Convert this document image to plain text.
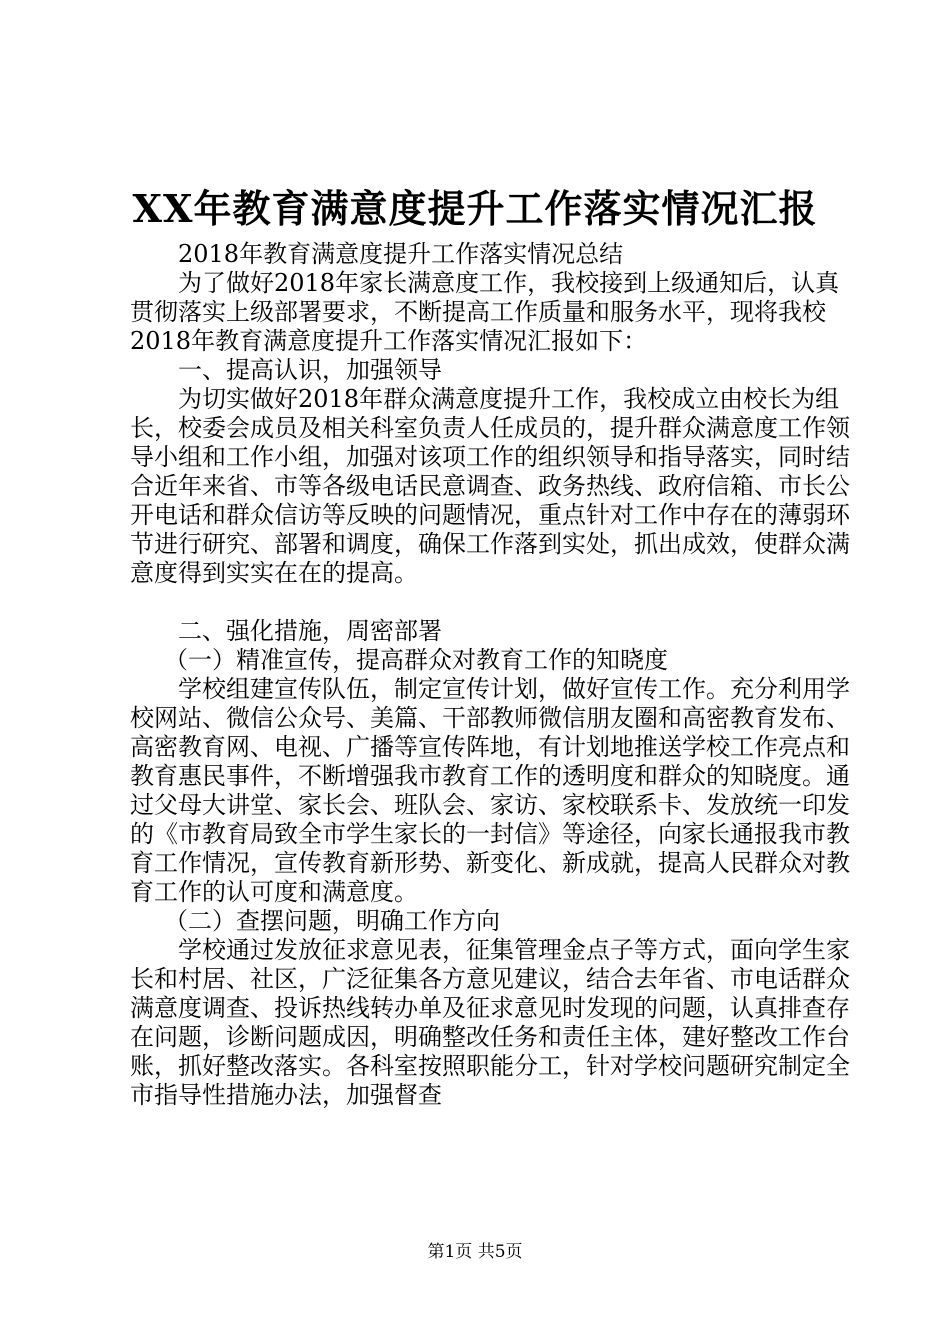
XX年教育满意度提升工作落实情况汇报

2018年教育满意度提升工作落实情况总结

为了做好2018年家长满意度工作，我校接到上级通知后，认真贯彻落实上级部署要求，不断提高工作质量和服务水平，现将我校2018年教育满意度提升工作落实情况汇报如下：

一、提高认识，加强领导

为切实做好2018年群众满意度提升工作，我校成立由校长为组长，校委会成员及相关科室负责人任成员的，提升群众满意度工作领导小组和工作小组，加强对该项工作的组织领导和指导落实，同时结合近年来省、市等各级电话民意调查、政务热线、政府信箱、市长公开电话和群众信访等反映的问题情况，重点针对工作中存在的薄弱环节进行研究、部署和调度，确保工作落到实处，抓出成效，使群众满意度得到实实在在的提高。

二、强化措施，周密部署

（一）精准宣传，提高群众对教育工作的知晓度

学校组建宣传队伍，制定宣传计划，做好宣传工作。充分利用学校网站、微信公众号、美篇、干部教师微信朋友圈和高密教育发布、高密教育网、电视、广播等宣传阵地，有计划地推送学校工作亮点和教育惠民事件，不断增强我市教育工作的透明度和群众的知晓度。通过父母大讲堂、家长会、班队会、家访、家校联系卡、发放统一印发的《市教育局致全市学生家长的一封信》等途径，向家长通报我市教育工作情况，宣传教育新形势、新变化、新成就，提高人民群众对教育工作的认可度和满意度。

（二）查摆问题，明确工作方向

学校通过发放征求意见表，征集管理金点子等方式，面向学生家长和村居、社区，广泛征集各方意见建议，结合去年省、市电话群众满意度调查、投诉热线转办单及征求意见时发现的问题，认真排查存在问题，诊断问题成因，明确整改任务和责任主体，建好整改工作台账，抓好整改落实。各科室按照职能分工，针对学校问题研究制定全市指导性措施办法，加强督查

第1页 共5页
